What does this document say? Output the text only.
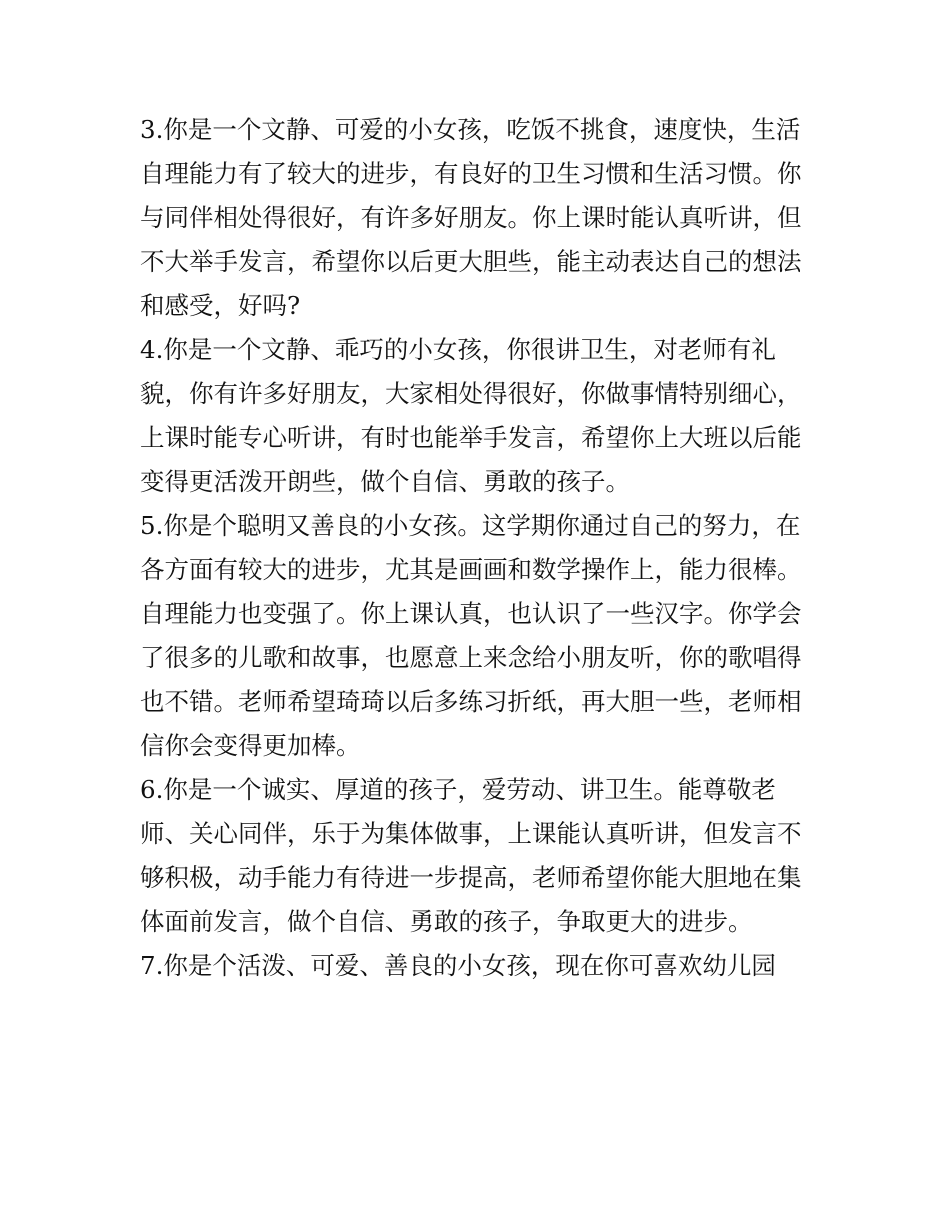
3.你是一个文静、可爱的小女孩，吃饭不挑食，速度快，生活
自理能力有了较大的进步，有良好的卫生习惯和生活习惯。你
与同伴相处得很好，有许多好朋友。你上课时能认真听讲，但
不大举手发言，希望你以后更大胆些，能主动表达自己的想法
和感受，好吗?
4.你是一个文静、乖巧的小女孩，你很讲卫生，对老师有礼
貌，你有许多好朋友，大家相处得很好，你做事情特别细心，
上课时能专心听讲，有时也能举手发言，希望你上大班以后能
变得更活泼开朗些，做个自信、勇敢的孩子。
5.你是个聪明又善良的小女孩。这学期你通过自己的努力，在
各方面有较大的进步，尤其是画画和数学操作上，能力很棒。
自理能力也变强了。你上课认真，也认识了一些汉字。你学会
了很多的儿歌和故事，也愿意上来念给小朋友听，你的歌唱得
也不错。老师希望琦琦以后多练习折纸，再大胆一些，老师相
信你会变得更加棒。
6.你是一个诚实、厚道的孩子，爱劳动、讲卫生。能尊敬老
师、关心同伴，乐于为集体做事，上课能认真听讲，但发言不
够积极，动手能力有待进一步提高，老师希望你能大胆地在集
体面前发言，做个自信、勇敢的孩子，争取更大的进步。
7.你是个活泼、可爱、善良的小女孩，现在你可喜欢幼儿园
